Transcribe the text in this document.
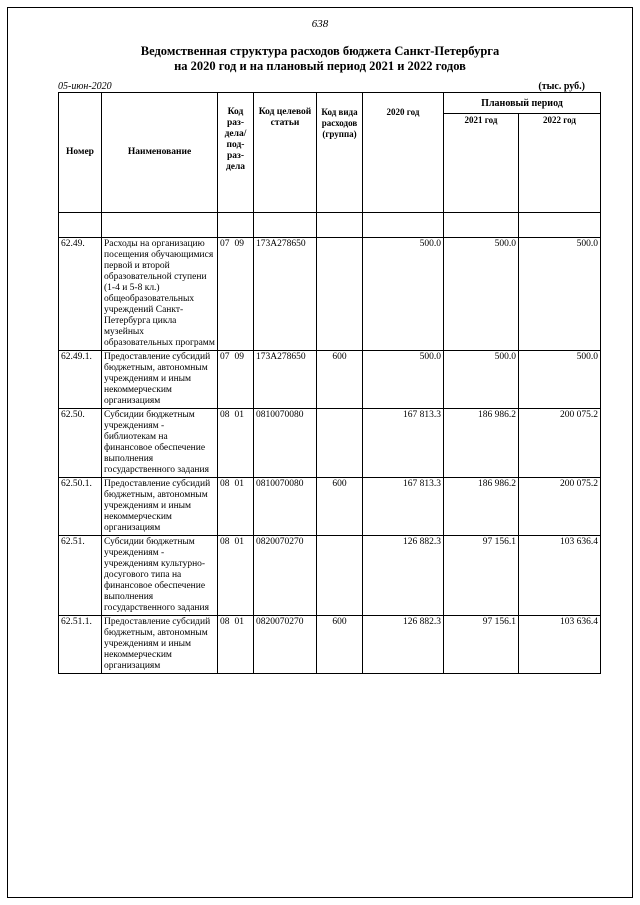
638
Ведомственная структура расходов бюджета Санкт-Петербурга
на 2020 год и на плановый период 2021 и 2022 годов
05-июн-2020	(тыс. руб.)
Номер	Наименование	Код раз- дела/ под- раз- дела	Код целевой статьи	Код вида расходов (группа)	2020 год	Плановый период	
						2021 год	2022 год

62.49.	Расходы на организацию посещения обучающимися первой и второй образовательной ступени (1-4 и 5-8 кл.) общеобразовательных учреждений Санкт-Петербурга цикла музейных образовательных программ	07 09	173А278650		500.0	500.0	500.0
62.49.1.	Предоставление субсидий бюджетным, автономным учреждениям и иным некоммерческим организациям	07 09	173А278650	600	500.0	500.0	500.0
62.50.	Субсидии бюджетным учреждениям - библиотекам на финансовое обеспечение выполнения государственного задания	08 01	0810070080		167 813.3	186 986.2	200 075.2
62.50.1.	Предоставление субсидий бюджетным, автономным учреждениям и иным некоммерческим организациям	08 01	0810070080	600	167 813.3	186 986.2	200 075.2
62.51.	Субсидии бюджетным учреждениям - учреждениям культурно-досугового типа на финансовое обеспечение выполнения государственного задания	08 01	0820070270		126 882.3	97 156.1	103 636.4
62.51.1.	Предоставление субсидий бюджетным, автономным учреждениям и иным некоммерческим организациям	08 01	0820070270	600	126 882.3	97 156.1	103 636.4
